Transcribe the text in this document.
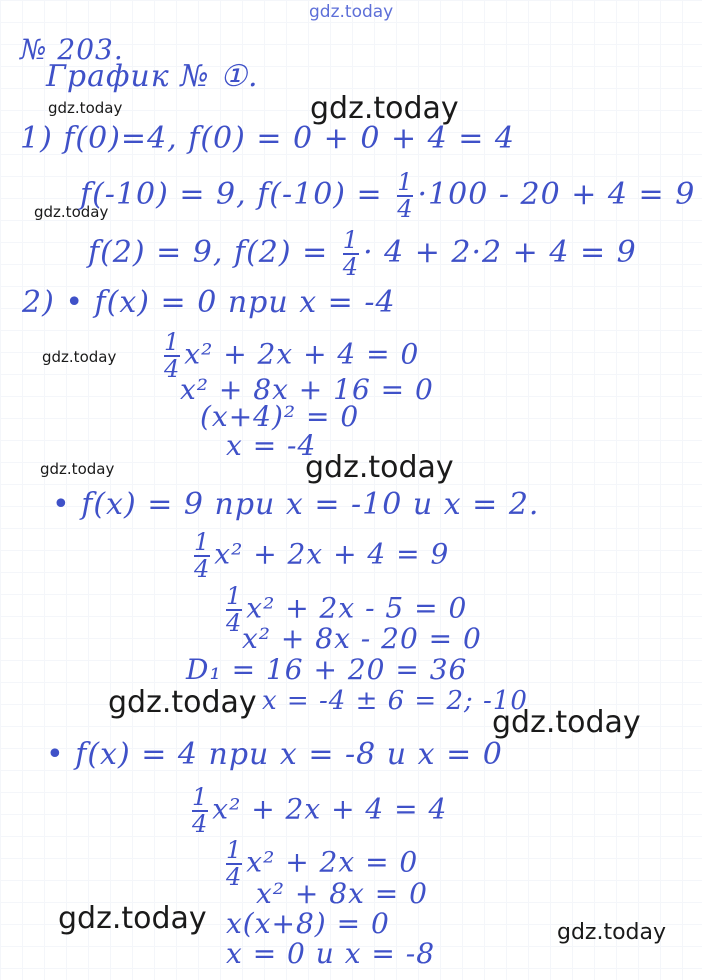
gdz.today
gdz.today	gdz.today
gdz.today
gdz.today
gdz.today	gdz.today
gdz.today
gdz.today
gdz.today	gdz.today
№ 203.
График № ①.
1) f(0)=4, f(0) = 0 + 0 + 4 = 4
f(-10) = 9, $f(-10) = \frac{1}{4} \cdot 100 - 20 + 4 = 9$
f(2) = 9, $f(2) = \frac{1}{4} \cdot 4 + 2\cdot 2 + 4 = 9$
2) • f(x) = 0 при x = -4
$\frac{1}{4} x^2 + 2x + 4 = 0$
x² + 8x + 16 = 0
(x+4)² = 0
x = -4
• f(x) = 9 при x = -10 и x = 2.
$\frac{1}{4} x^2 + 2x + 4 = 9$
$\frac{1}{4} x^2 + 2x - 5 = 0$
x² + 8x - 20 = 0
D₁ = 16 + 20 = 36
x = -4 ± 6 = 2; -10
• f(x) = 4 при x = -8 и x = 0
$\frac{1}{4} x^2 + 2x + 4 = 4$
$\frac{1}{4} x^2 + 2x = 0$
x² + 8x = 0
x(x+8) = 0
x = 0 и x = -8
